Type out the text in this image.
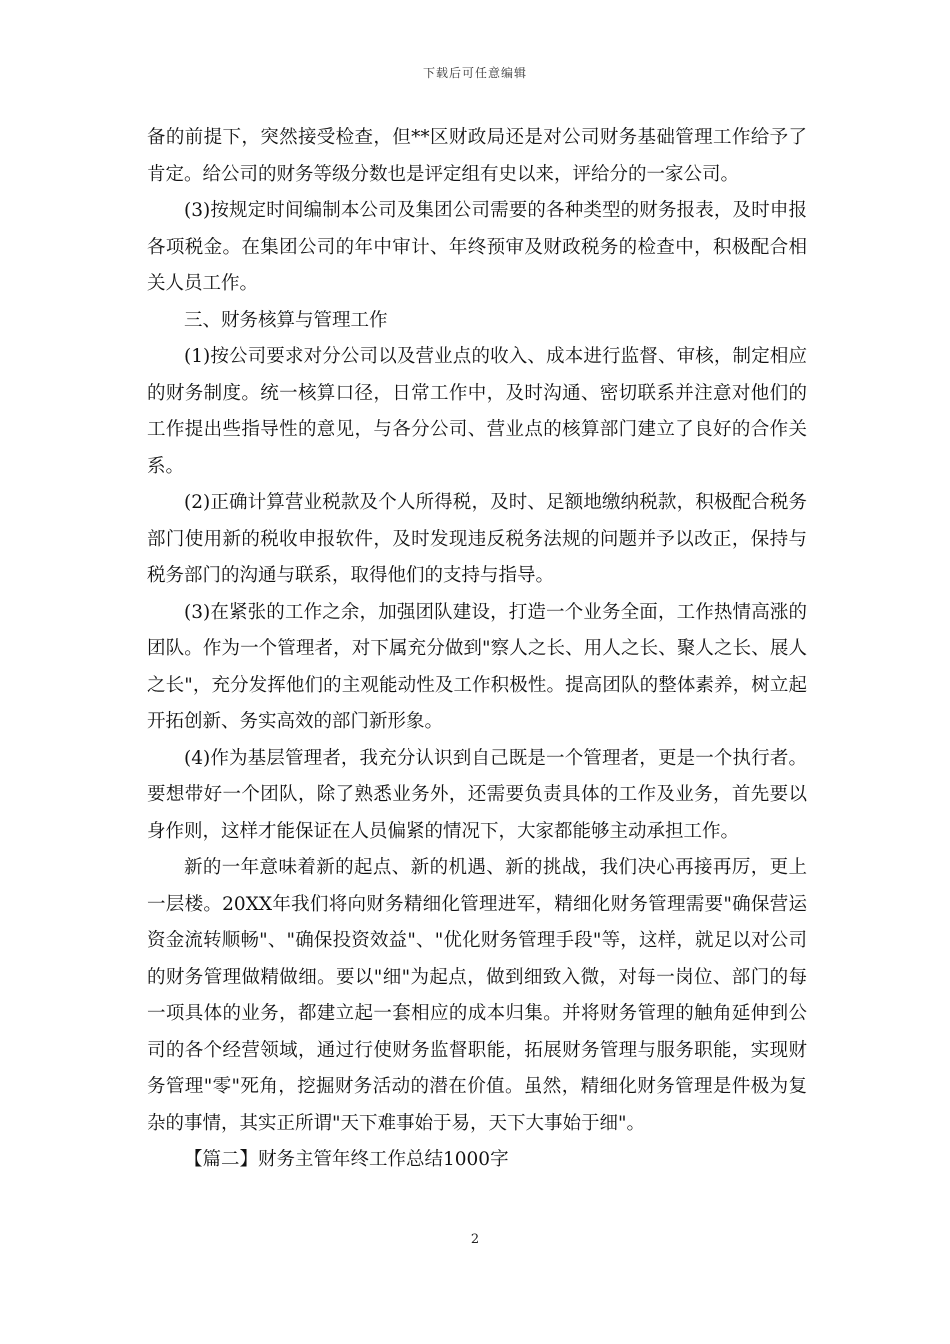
下载后可任意编辑

备的前提下，突然接受检查，但**区财政局还是对公司财务基础管理工作给予了肯定。给公司的财务等级分数也是评定组有史以来，评给分的一家公司。

(3)按规定时间编制本公司及集团公司需要的各种类型的财务报表，及时申报各项税金。在集团公司的年中审计、年终预审及财政税务的检查中，积极配合相关人员工作。

三、财务核算与管理工作

(1)按公司要求对分公司以及营业点的收入、成本进行监督、审核，制定相应的财务制度。统一核算口径，日常工作中，及时沟通、密切联系并注意对他们的工作提出些指导性的意见，与各分公司、营业点的核算部门建立了良好的合作关系。

(2)正确计算营业税款及个人所得税，及时、足额地缴纳税款，积极配合税务部门使用新的税收申报软件，及时发现违反税务法规的问题并予以改正，保持与税务部门的沟通与联系，取得他们的支持与指导。

(3)在紧张的工作之余，加强团队建设，打造一个业务全面，工作热情高涨的团队。作为一个管理者，对下属充分做到"察人之长、用人之长、聚人之长、展人之长"，充分发挥他们的主观能动性及工作积极性。提高团队的整体素养，树立起开拓创新、务实高效的部门新形象。

(4)作为基层管理者，我充分认识到自己既是一个管理者，更是一个执行者。要想带好一个团队，除了熟悉业务外，还需要负责具体的工作及业务，首先要以身作则，这样才能保证在人员偏紧的情况下，大家都能够主动承担工作。

新的一年意味着新的起点、新的机遇、新的挑战，我们决心再接再厉，更上一层楼。20XX年我们将向财务精细化管理进军，精细化财务管理需要"确保营运资金流转顺畅"、"确保投资效益"、"优化财务管理手段"等，这样，就足以对公司的财务管理做精做细。要以"细"为起点，做到细致入微，对每一岗位、部门的每一项具体的业务，都建立起一套相应的成本归集。并将财务管理的触角延伸到公司的各个经营领域，通过行使财务监督职能，拓展财务管理与服务职能，实现财务管理"零"死角，挖掘财务活动的潜在价值。虽然，精细化财务管理是件极为复杂的事情，其实正所谓"天下难事始于易，天下大事始于细"。

【篇二】财务主管年终工作总结1000字

2
